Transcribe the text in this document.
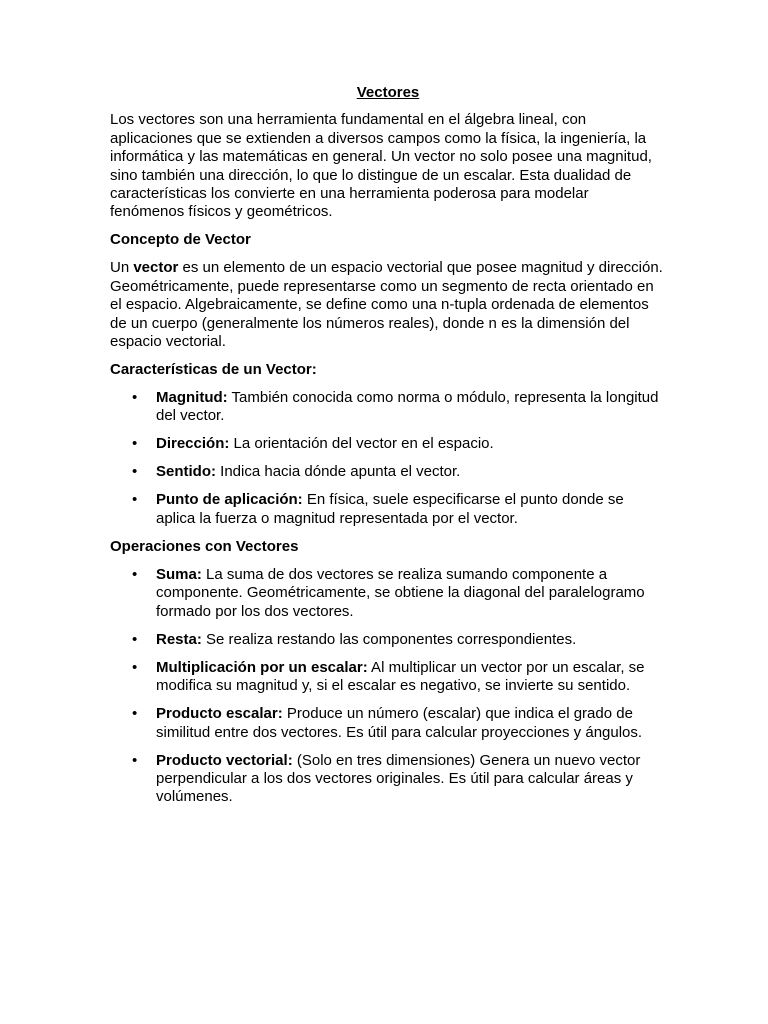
Vectores

Los vectores son una herramienta fundamental en el álgebra lineal, con aplicaciones que se extienden a diversos campos como la física, la ingeniería, la informática y las matemáticas en general. Un vector no solo posee una magnitud, sino también una dirección, lo que lo distingue de un escalar. Esta dualidad de características los convierte en una herramienta poderosa para modelar fenómenos físicos y geométricos.

Concepto de Vector

Un vector es un elemento de un espacio vectorial que posee magnitud y dirección. Geométricamente, puede representarse como un segmento de recta orientado en el espacio. Algebraicamente, se define como una n-tupla ordenada de elementos de un cuerpo (generalmente los números reales), donde n es la dimensión del espacio vectorial.

Características de un Vector:
• Magnitud: También conocida como norma o módulo, representa la longitud del vector.
• Dirección: La orientación del vector en el espacio.
• Sentido: Indica hacia dónde apunta el vector.
• Punto de aplicación: En física, suele especificarse el punto donde se aplica la fuerza o magnitud representada por el vector.
Operaciones con Vectores
• Suma: La suma de dos vectores se realiza sumando componente a componente. Geométricamente, se obtiene la diagonal del paralelogramo formado por los dos vectores.
• Resta: Se realiza restando las componentes correspondientes.
• Multiplicación por un escalar: Al multiplicar un vector por un escalar, se modifica su magnitud y, si el escalar es negativo, se invierte su sentido.
• Producto escalar: Produce un número (escalar) que indica el grado de similitud entre dos vectores. Es útil para calcular proyecciones y ángulos.
• Producto vectorial: (Solo en tres dimensiones) Genera un nuevo vector perpendicular a los dos vectores originales. Es útil para calcular áreas y volúmenes.
